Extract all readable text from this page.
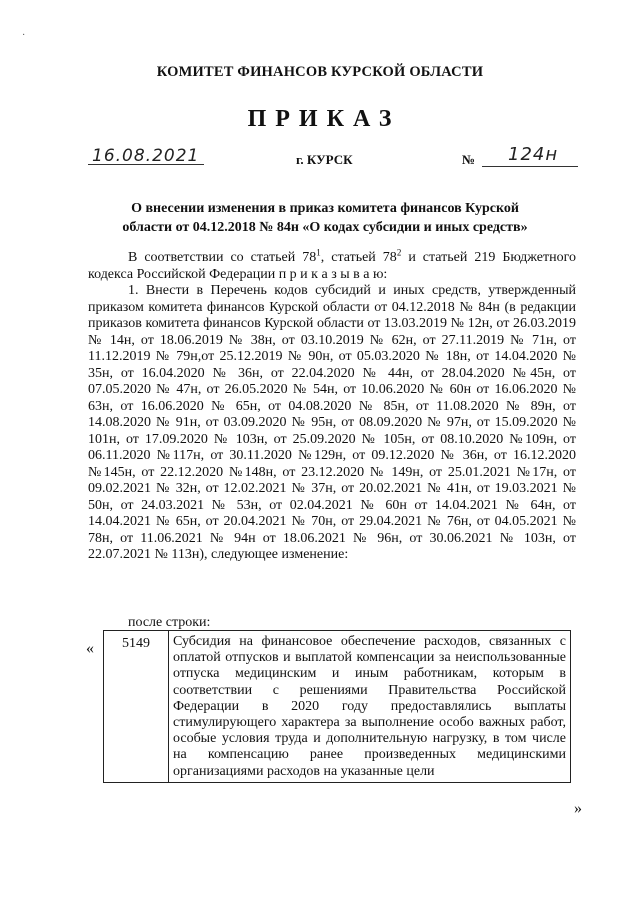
·
КОМИТЕТ ФИНАНСОВ КУРСКОЙ ОБЛАСТИ
ПРИКАЗ
16.08.2021	г. КУРСК	№ 124н
О внесении изменения в приказ комитета финансов Курской области от 04.12.2018 № 84н «О кодах субсидии и иных средств»

В соответствии со статьей $78^1$, статьей $78^2$ и статьей 219 Бюджетного кодекса Российской Федерации п р и к а з ы в а ю:

1. Внести в Перечень кодов субсидий и иных средств, утвержденный приказом комитета финансов Курской области от 04.12.2018 № 84н (в редакции приказов комитета финансов Курской области от 13.03.2019 № 12н, от 26.03.2019 № 14н, от 18.06.2019 № 38н, от 03.10.2019 № 62н, от 27.11.2019 № 71н, от 11.12.2019 № 79н,от 25.12.2019 № 90н, от 05.03.2020 № 18н, от 14.04.2020 № 35н, от 16.04.2020 № 36н, от 22.04.2020 № 44н, от 28.04.2020 №45н, от 07.05.2020 № 47н, от 26.05.2020 № 54н, от 10.06.2020 № 60н от 16.06.2020 № 63н, от 16.06.2020 № 65н, от 04.08.2020 № 85н, от 11.08.2020 № 89н, от 14.08.2020 № 91н, от 03.09.2020 № 95н, от 08.09.2020 № 97н, от 15.09.2020 № 101н, от 17.09.2020 № 103н, от 25.09.2020 № 105н, от 08.10.2020 №109н, от 06.11.2020 №117н, от 30.11.2020 №129н, от 09.12.2020 № 36н, от 16.12.2020 №145н, от 22.12.2020 №148н, от 23.12.2020 № 149н, от 25.01.2021 №17н, от 09.02.2021 № 32н, от 12.02.2021 № 37н, от 20.02.2021 № 41н, от 19.03.2021 № 50н, от 24.03.2021 № 53н, от 02.04.2021 № 60н от 14.04.2021 № 64н, от 14.04.2021 № 65н, от 20.04.2021 № 70н, от 29.04.2021 № 76н, от 04.05.2021 № 78н, от 11.06.2021 № 94н от 18.06.2021 № 96н, от 30.06.2021 № 103н, от 22.07.2021 № 113н), следующее изменение:

после строки:
« 5149	Субсидия на финансовое обеспечение расходов, связанных с оплатой отпусков и выплатой компенсации за неиспользованные отпуска медицинским и иным работникам, которым в соответствии с решениями Правительства Российской Федерации в 2020 году предоставлялись выплаты стимулирующего характера за выполнение особо важных работ, особые условия труда и дополнительную нагрузку, в том числе на компенсацию ранее произведенных медицинскими организациями расходов на указанные цели
»
